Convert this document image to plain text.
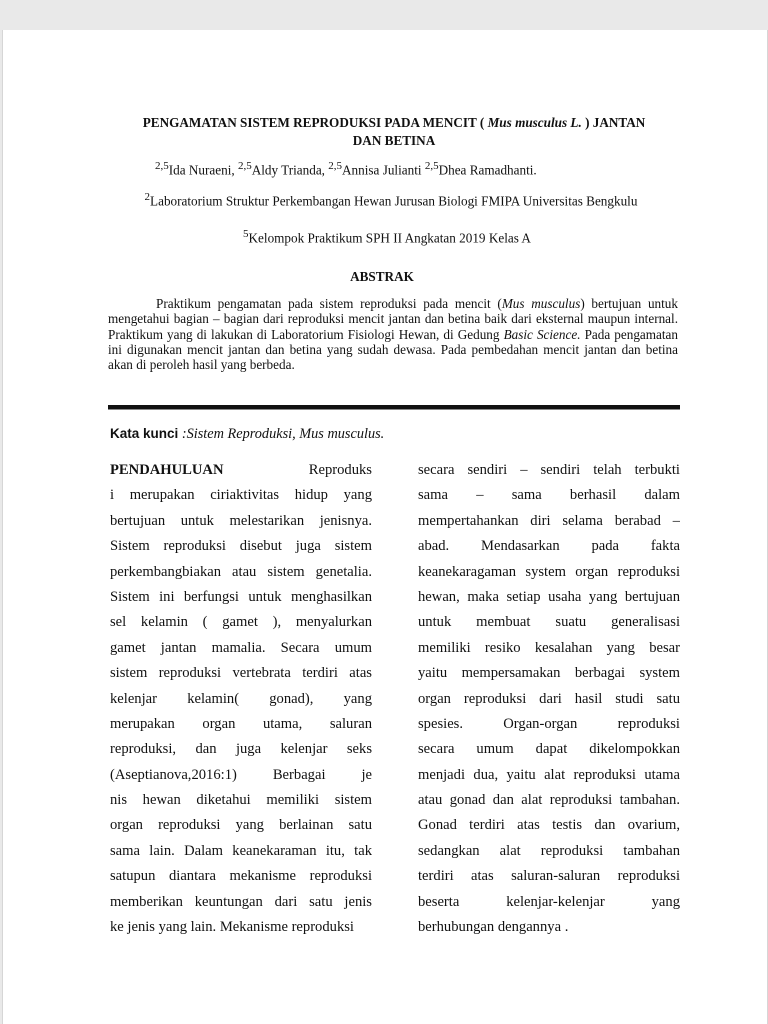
PENGAMATAN SISTEM REPRODUKSI PADA MENCIT ( Mus musculus L. ) JANTAN
DAN BETINA
$^{2,5}$Ida Nuraeni, $^{2,5}$Aldy Trianda, $^{2,5}$Annisa Julianti $^{2,5}$Dhea Ramadhanti.
$^2$Laboratorium Struktur Perkembangan Hewan Jurusan Biologi FMIPA Universitas Bengkulu
$^5$Kelompok Praktikum SPH II Angkatan 2019 Kelas A
ABSTRAK
Praktikum pengamatan pada sistem reproduksi pada mencit (Mus musculus) bertujuan untuk mengetahui bagian – bagian dari reproduksi mencit jantan dan betina baik dari eksternal maupun internal. Praktikum yang di lakukan di Laboratorium Fisiologi Hewan, di Gedung Basic Science. Pada pengamatan ini digunakan mencit jantan dan betina yang sudah dewasa. Pada pembedahan mencit jantan dan betina akan di peroleh hasil yang berbeda.
Kata kunci :Sistem Reproduksi, Mus musculus.
PENDAHULUAN	Reproduks
i merupakan ciriaktivitas hidup yang
bertujuan untuk melestarikan jenisnya.
Sistem reproduksi disebut juga sistem
perkembangbiakan atau sistem genetalia.
Sistem ini berfungsi untuk menghasilkan
sel kelamin ( gamet ), menyalurkan
gamet jantan mamalia. Secara umum
sistem reproduksi vertebrata terdiri atas
kelenjar kelamin( gonad), yang
merupakan organ utama, saluran
reproduksi, dan juga kelenjar seks
(Aseptianova,2016:1) Berbagai je
nis hewan diketahui memiliki sistem
organ reproduksi yang berlainan satu
sama lain. Dalam keanekaraman itu, tak
satupun diantara mekanisme reproduksi
memberikan keuntungan dari satu jenis
ke jenis yang lain. Mekanisme reproduksi
secara sendiri – sendiri telah terbukti
sama – sama berhasil dalam
mempertahankan diri selama berabad –
abad. Mendasarkan pada fakta
keanekaragaman system organ reproduksi
hewan, maka setiap usaha yang bertujuan
untuk membuat suatu generalisasi
memiliki resiko kesalahan yang besar
yaitu mempersamakan berbagai system
organ reproduksi dari hasil studi satu
spesies. Organ-organ reproduksi
secara umum dapat dikelompokkan
menjadi dua, yaitu alat reproduksi utama
atau gonad dan alat reproduksi tambahan.
Gonad terdiri atas testis dan ovarium,
sedangkan alat reproduksi tambahan
terdiri atas saluran-saluran reproduksi
beserta kelenjar-kelenjar yang
berhubungan dengannya .
